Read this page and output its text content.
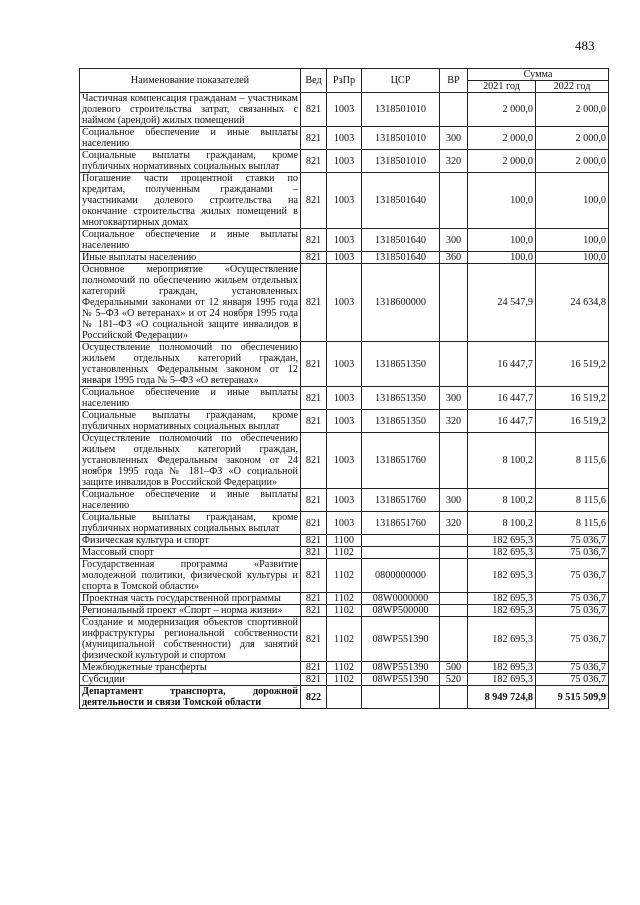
483
Наименование показателей	Вед	РзПр	ЦСР	ВР	Сумма	
					2021 год	2022 год
Частичная компенсация гражданам – участникам долевого строительства затрат, связанных с наймом (арендой) жилых помещений	821	1003	1318501010		2 000,0	2 000,0
Социальное обеспечение и иные выплаты населению	821	1003	1318501010	300	2 000,0	2 000,0
Социальные выплаты гражданам, кроме публичных нормативных социальных выплат	821	1003	1318501010	320	2 000,0	2 000,0
Погашение части процентной ставки по кредитам, полученным гражданами – участниками долевого строительства на окончание строительства жилых помещений в многоквартирных домах	821	1003	1318501640		100,0	100,0
Социальное обеспечение и иные выплаты населению	821	1003	1318501640	300	100,0	100,0
Иные выплаты населению	821	1003	1318501640	360	100,0	100,0
Основное мероприятие «Осуществление полномочий по обеспечению жильем отдельных категорий граждан, установленных Федеральными законами от 12 января 1995 года № 5–ФЗ «О ветеранах» и от 24 ноября 1995 года № 181–ФЗ «О социальной защите инвалидов в Российской Федерации»	821	1003	1318600000		24 547,9	24 634,8
Осуществление полномочий по обеспечению жильем отдельных категорий граждан, установленных Федеральным законом от 12 января 1995 года № 5–ФЗ «О ветеранах»	821	1003	1318651350		16 447,7	16 519,2
Социальное обеспечение и иные выплаты населению	821	1003	1318651350	300	16 447,7	16 519,2
Социальные выплаты гражданам, кроме публичных нормативных социальных выплат	821	1003	1318651350	320	16 447,7	16 519,2
Осуществление полномочий по обеспечению жильем отдельных категорий граждан, установленных Федеральным законом от 24 ноября 1995 года № 181–ФЗ «О социальной защите инвалидов в Российской Федерации»	821	1003	1318651760		8 100,2	8 115,6
Социальное обеспечение и иные выплаты населению	821	1003	1318651760	300	8 100,2	8 115,6
Социальные выплаты гражданам, кроме публичных нормативных социальных выплат	821	1003	1318651760	320	8 100,2	8 115,6
Физическая культура и спорт	821	1100			182 695,3	75 036,7
Массовый спорт	821	1102			182 695,3	75 036,7
Государственная программа «Развитие молодежной политики, физической культуры и спорта в Томской области»	821	1102	0800000000		182 695,3	75 036,7
Проектная часть государственной программы	821	1102	08W0000000		182 695,3	75 036,7
Региональный проект «Спорт – норма жизни»	821	1102	08WP500000		182 695,3	75 036,7
Создание и модернизация объектов спортивной инфраструктуры региональной собственности (муниципальной собственности) для занятий физической культурой и спортом	821	1102	08WP551390		182 695,3	75 036,7
Межбюджетные трансферты	821	1102	08WP551390	500	182 695,3	75 036,7
Субсидии	821	1102	08WP551390	520	182 695,3	75 036,7
Департамент транспорта, дорожной деятельности и связи Томской области	822				8 949 724,8	9 515 509,9
